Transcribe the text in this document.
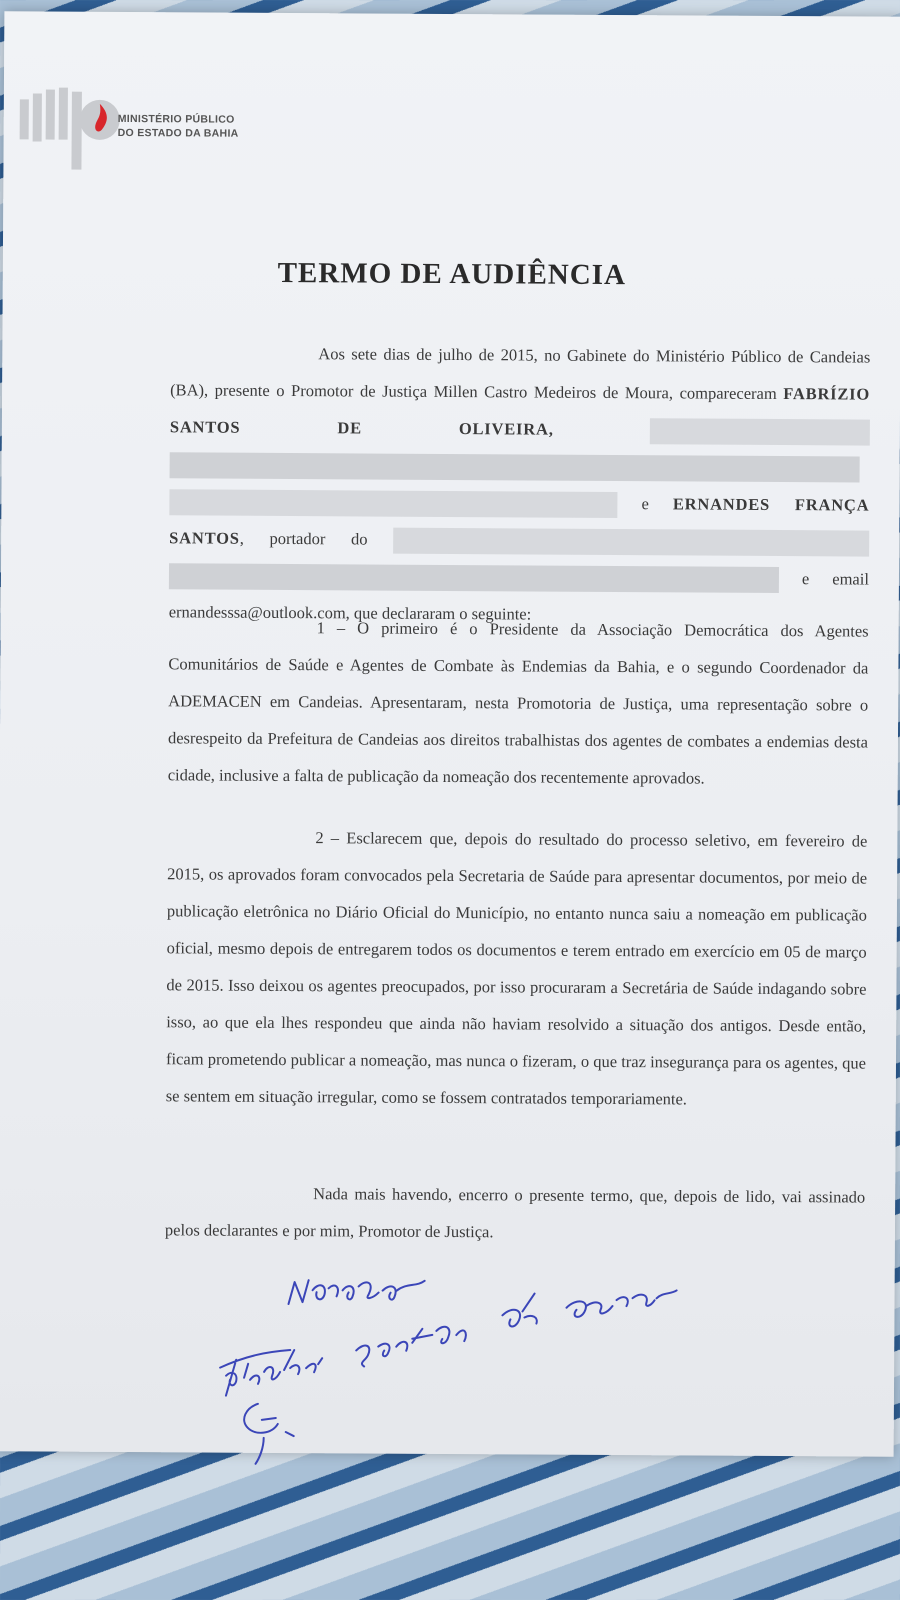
MINISTÉRIO PÚBLICO
DO ESTADO DA BAHIA
TERMO DE AUDIÊNCIA
Aos sete dias de julho de 2015, no Gabinete do Ministério Público de Candeias (BA), presente o Promotor de Justiça Millen Castro Medeiros de Moura, compareceram FABRÍZIO SANTOS DE OLIVEIRA,    e ERNANDES FRANÇA SANTOS, portador do   e email ernandesssa@outlook.com, que declararam o seguinte:
1 – O primeiro é o Presidente da Associação Democrática dos Agentes Comunitários de Saúde e Agentes de Combate às Endemias da Bahia, e o segundo Coordenador da ADEMACEN em Candeias. Apresentaram, nesta Promotoria de Justiça, uma representação sobre o desrespeito da Prefeitura de Candeias aos direitos trabalhistas dos agentes de combates a endemias desta cidade, inclusive a falta de publicação da nomeação dos recentemente aprovados.
2 – Esclarecem que, depois do resultado do processo seletivo, em fevereiro de 2015, os aprovados foram convocados pela Secretaria de Saúde para apresentar documentos, por meio de publicação eletrônica no Diário Oficial do Município, no entanto nunca saiu a nomeação em publicação oficial, mesmo depois de entregarem todos os documentos e terem entrado em exercício em 05 de março de 2015. Isso deixou os agentes preocupados, por isso procuraram a Secretária de Saúde indagando sobre isso, ao que ela lhes respondeu que ainda não haviam resolvido a situação dos antigos. Desde então, ficam prometendo publicar a nomeação, mas nunca o fizeram, o que traz insegurança para os agentes, que se sentem em situação irregular, como se fossem contratados temporariamente.
Nada mais havendo, encerro o presente termo, que, depois de lido, vai assinado pelos declarantes e por mim, Promotor de Justiça.
